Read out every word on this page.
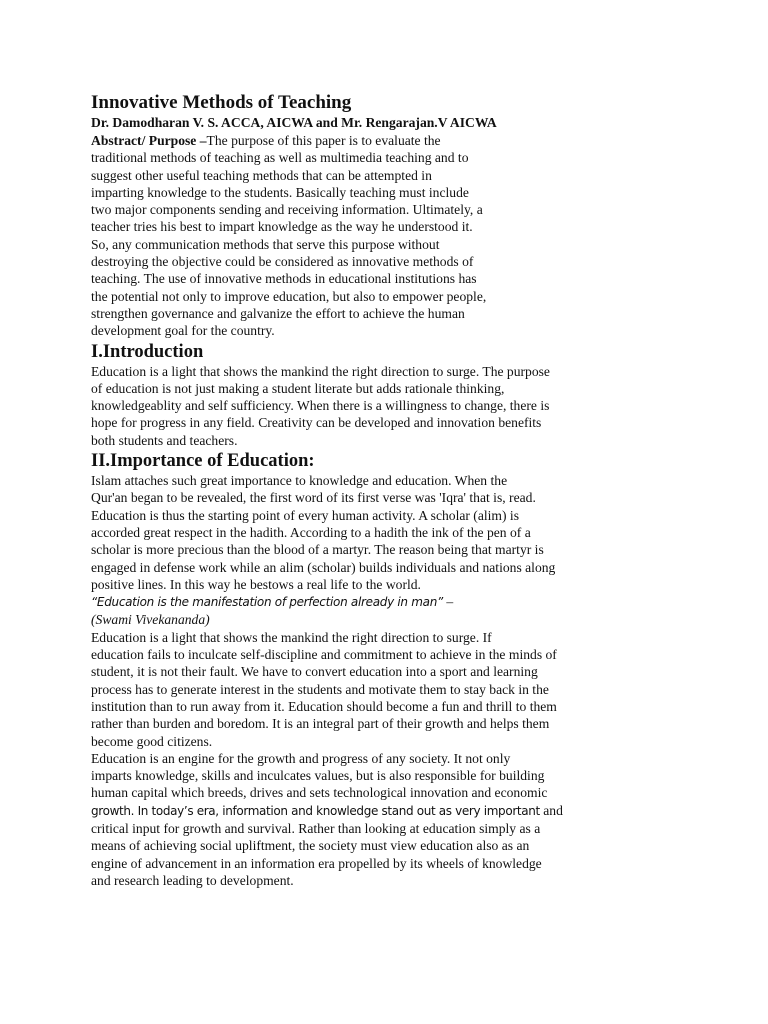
Innovative Methods of Teaching
Dr. Damodharan V. S. ACCA, AICWA and Mr. Rengarajan.V AICWA
Abstract/ Purpose –The purpose of this paper is to evaluate the
traditional methods of teaching as well as multimedia teaching and to
suggest other useful teaching methods that can be attempted in
imparting knowledge to the students. Basically teaching must include
two major components sending and receiving information. Ultimately, a
teacher tries his best to impart knowledge as the way he understood it.
So, any communication methods that serve this purpose without
destroying the objective could be considered as innovative methods of
teaching. The use of innovative methods in educational institutions has
the potential not only to improve education, but also to empower people,
strengthen governance and galvanize the effort to achieve the human
development goal for the country.
I.Introduction
Education is a light that shows the mankind the right direction to surge. The purpose
of education is not just making a student literate but adds rationale thinking,
knowledgeablity and self sufficiency. When there is a willingness to change, there is
hope for progress in any field. Creativity can be developed and innovation benefits
both students and teachers.
II.Importance of Education:
Islam attaches such great importance to knowledge and education. When the
Qur'an began to be revealed, the first word of its first verse was 'Iqra' that is, read.
Education is thus the starting point of every human activity. A scholar (alim) is
accorded great respect in the hadith. According to a hadith the ink of the pen of a
scholar is more precious than the blood of a martyr. The reason being that martyr is
engaged in defense work while an alim (scholar) builds individuals and nations along
positive lines. In this way he bestows a real life to the world.
“Education is the manifestation of perfection already in man” –
(Swami Vivekananda)
Education is a light that shows the mankind the right direction to surge. If
education fails to inculcate self-discipline and commitment to achieve in the minds of
student, it is not their fault. We have to convert education into a sport and learning
process has to generate interest in the students and motivate them to stay back in the
institution than to run away from it. Education should become a fun and thrill to them
rather than burden and boredom. It is an integral part of their growth and helps them
become good citizens.
Education is an engine for the growth and progress of any society. It not only
imparts knowledge, skills and inculcates values, but is also responsible for building
human capital which breeds, drives and sets technological innovation and economic
growth. In today’s era, information and knowledge stand out as very important and
critical input for growth and survival. Rather than looking at education simply as a
means of achieving social upliftment, the society must view education also as an
engine of advancement in an information era propelled by its wheels of knowledge
and research leading to development.
